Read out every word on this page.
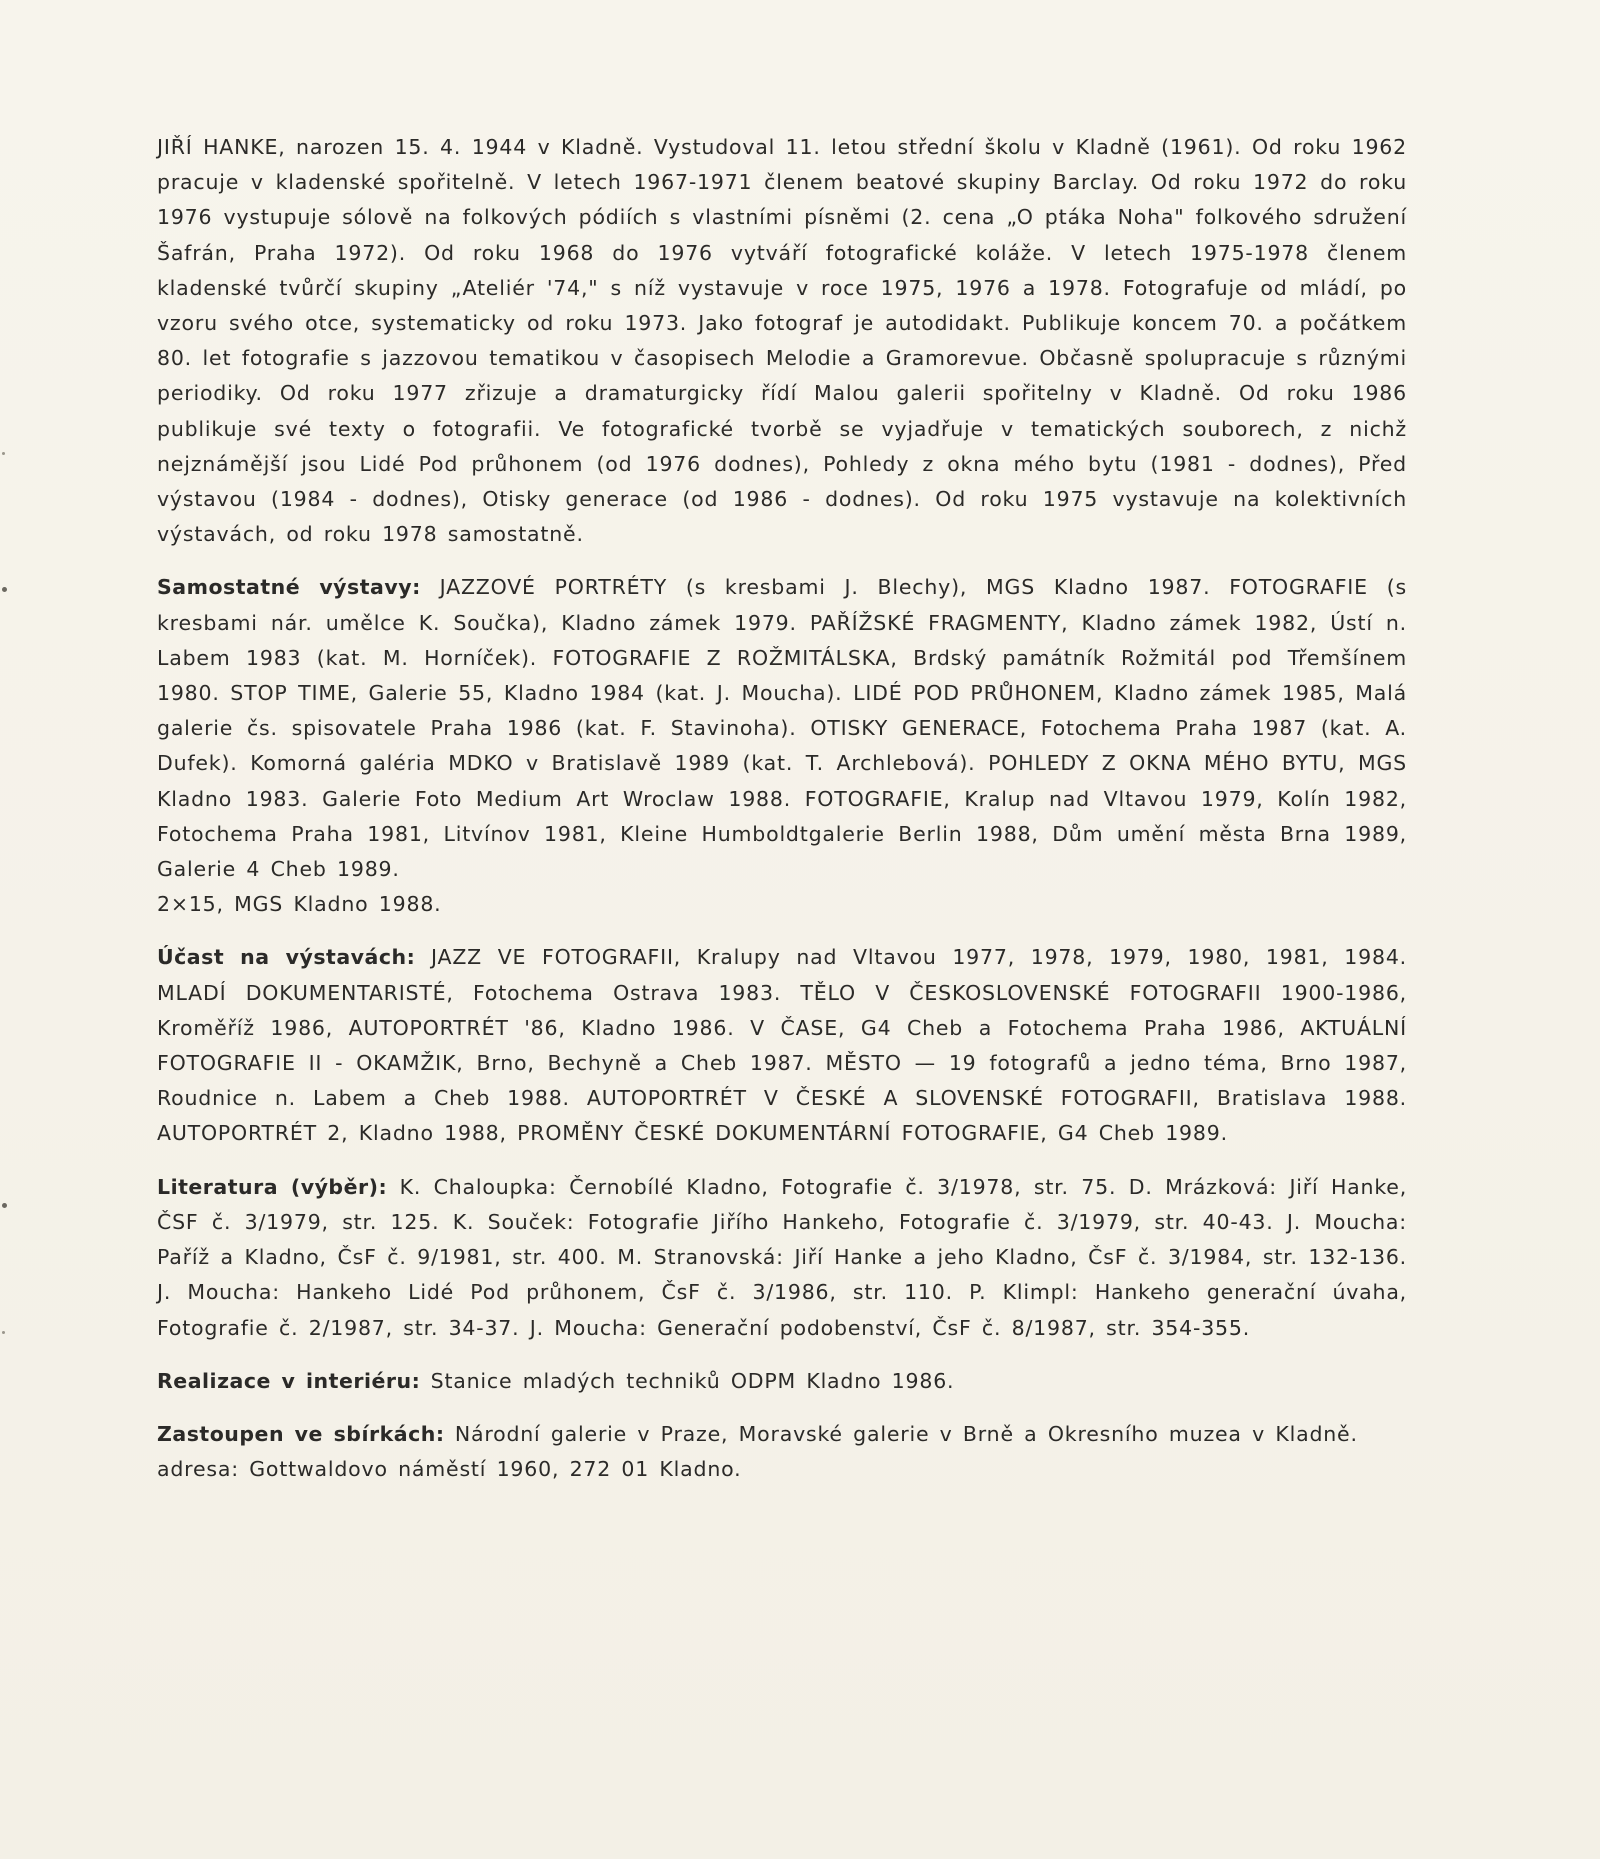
JIŘÍ HANKE, narozen 15. 4. 1944 v Kladně. Vystudoval 11. letou střední školu v Kladně (1961). Od roku 1962 pracuje v kladenské spořitelně. V letech 1967-1971 členem beatové skupiny Barclay. Od roku 1972 do roku 1976 vystupuje sólově na folkových pódiích s vlastními písněmi (2. cena „O ptáka Noha" folkového sdružení Šafrán, Praha 1972). Od roku 1968 do 1976 vytváří fotografické koláže. V letech 1975-1978 členem kladenské tvůrčí skupiny „Ateliér '74," s níž vystavuje v roce 1975, 1976 a 1978. Fotografuje od mládí, po vzoru svého otce, systematicky od roku 1973. Jako fotograf je autodidakt. Publikuje koncem 70. a počátkem 80. let fotografie s jazzovou tematikou v časopisech Melodie a Gramorevue. Občasně spolupracuje s různými periodiky. Od roku 1977 zřizuje a dramaturgicky řídí Malou galerii spořitelny v Kladně. Od roku 1986 publikuje své texty o fotografii. Ve fotografické tvorbě se vyjadřuje v tematických souborech, z nichž nejznámější jsou Lidé Pod průhonem (od 1976 dodnes), Pohledy z okna mého bytu (1981 - dodnes), Před výstavou (1984 - dodnes), Otisky generace (od 1986 - dodnes). Od roku 1975 vystavuje na kolektivních výstavách, od roku 1978 samostatně.

Samostatné výstavy: JAZZOVÉ PORTRÉTY (s kresbami J. Blechy), MGS Kladno 1987. FOTOGRAFIE (s kresbami nár. umělce K. Součka), Kladno zámek 1979. PAŘÍŽSKÉ FRAGMENTY, Kladno zámek 1982, Ústí n. Labem 1983 (kat. M. Horníček). FOTOGRAFIE Z ROŽMITÁLSKA, Brdský památník Rožmitál pod Třemšínem 1980. STOP TIME, Galerie 55, Kladno 1984 (kat. J. Moucha). LIDÉ POD PRŮHONEM, Kladno zámek 1985, Malá galerie čs. spisovatele Praha 1986 (kat. F. Stavinoha). OTISKY GENERACE, Fotochema Praha 1987 (kat. A. Dufek). Komorná galéria MDKO v Bratislavě 1989 (kat. T. Archlebová). POHLEDY Z OKNA MÉHO BYTU, MGS Kladno 1983. Galerie Foto Medium Art Wroclaw 1988. FOTOGRAFIE, Kralup nad Vltavou 1979, Kolín 1982, Fotochema Praha 1981, Litvínov 1981, Kleine Humboldtgalerie Berlin 1988, Dům umění města Brna 1989, Galerie 4 Cheb 1989.
2×15, MGS Kladno 1988.

Účast na výstavách: JAZZ VE FOTOGRAFII, Kralupy nad Vltavou 1977, 1978, 1979, 1980, 1981, 1984. MLADÍ DOKUMENTARISTÉ, Fotochema Ostrava 1983. TĚLO V ČESKOSLOVENSKÉ FOTOGRAFII 1900-1986, Kroměříž 1986, AUTOPORTRÉT '86, Kladno 1986. V ČASE, G4 Cheb a Fotochema Praha 1986, AKTUÁLNÍ FOTOGRAFIE II - OKAMŽIK, Brno, Bechyně a Cheb 1987. MĚSTO — 19 fotografů a jedno téma, Brno 1987, Roudnice n. Labem a Cheb 1988. AUTOPORTRÉT V ČESKÉ A SLOVENSKÉ FOTOGRAFII, Bratislava 1988. AUTOPORTRÉT 2, Kladno 1988, PROMĚNY ČESKÉ DOKUMENTÁRNÍ FOTOGRAFIE, G4 Cheb 1989.

Literatura (výběr): K. Chaloupka: Černobílé Kladno, Fotografie č. 3/1978, str. 75. D. Mrázková: Jiří Hanke, ČSF č. 3/1979, str. 125. K. Souček: Fotografie Jiřího Hankeho, Fotografie č. 3/1979, str. 40-43. J. Moucha: Paříž a Kladno, ČsF č. 9/1981, str. 400. M. Stranovská: Jiří Hanke a jeho Kladno, ČsF č. 3/1984, str. 132-136. J. Moucha: Hankeho Lidé Pod průhonem, ČsF č. 3/1986, str. 110. P. Klimpl: Hankeho generační úvaha, Fotografie č. 2/1987, str. 34-37. J. Moucha: Generační podobenství, ČsF č. 8/1987, str. 354-355.

Realizace v interiéru: Stanice mladých techniků ODPM Kladno 1986.

Zastoupen ve sbírkách: Národní galerie v Praze, Moravské galerie v Brně a Okresního muzea v Kladně.
adresa: Gottwaldovo náměstí 1960, 272 01 Kladno.
